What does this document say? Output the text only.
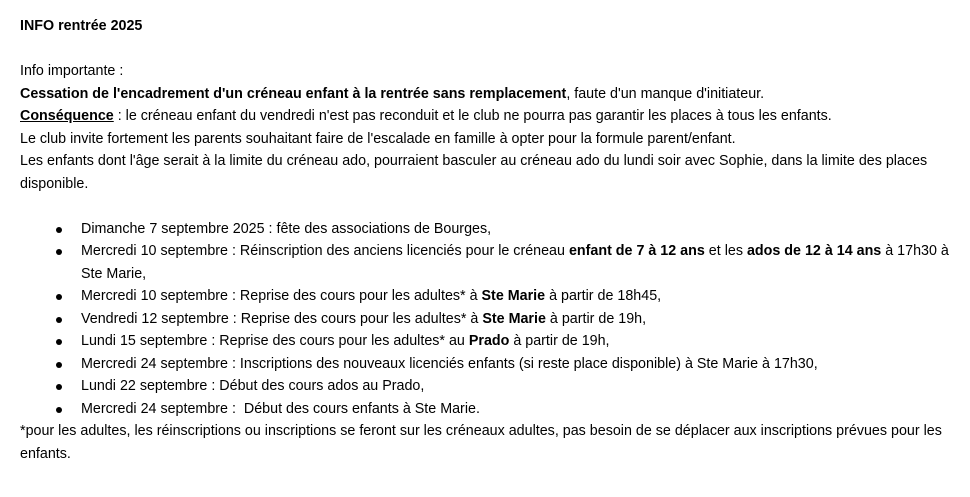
INFO rentrée 2025

Info importante :

Cessation de l'encadrement d'un créneau enfant à la rentrée sans remplacement, faute d'un manque d'initiateur.

Conséquence : le créneau enfant du vendredi n'est pas reconduit et le club ne pourra pas garantir les places à tous les enfants.

Le club invite fortement les parents souhaitant faire de l'escalade en famille à opter pour la formule parent/enfant.

Les enfants dont l'âge serait à la limite du créneau ado, pourraient basculer au créneau ado du lundi soir avec Sophie, dans la limite des places disponible.

Dimanche 7 septembre 2025 : fête des associations de Bourges,
Mercredi 10 septembre : Réinscription des anciens licenciés pour le créneau enfant de 7 à 12 ans et les ados de 12 à 14 ans à 17h30 à Ste Marie,
Mercredi 10 septembre : Reprise des cours pour les adultes* à Ste Marie à partir de 18h45,
Vendredi 12 septembre : Reprise des cours pour les adultes* à Ste Marie à partir de 19h,
Lundi 15 septembre : Reprise des cours pour les adultes* au Prado à partir de 19h,
Mercredi 24 septembre : Inscriptions des nouveaux licenciés enfants (si reste place disponible) à Ste Marie à 17h30,
Lundi 22 septembre : Début des cours ados au Prado,
Mercredi 24 septembre :  Début des cours enfants à Ste Marie.

*pour les adultes, les réinscriptions ou inscriptions se feront sur les créneaux adultes, pas besoin de se déplacer aux inscriptions prévues pour les enfants.
